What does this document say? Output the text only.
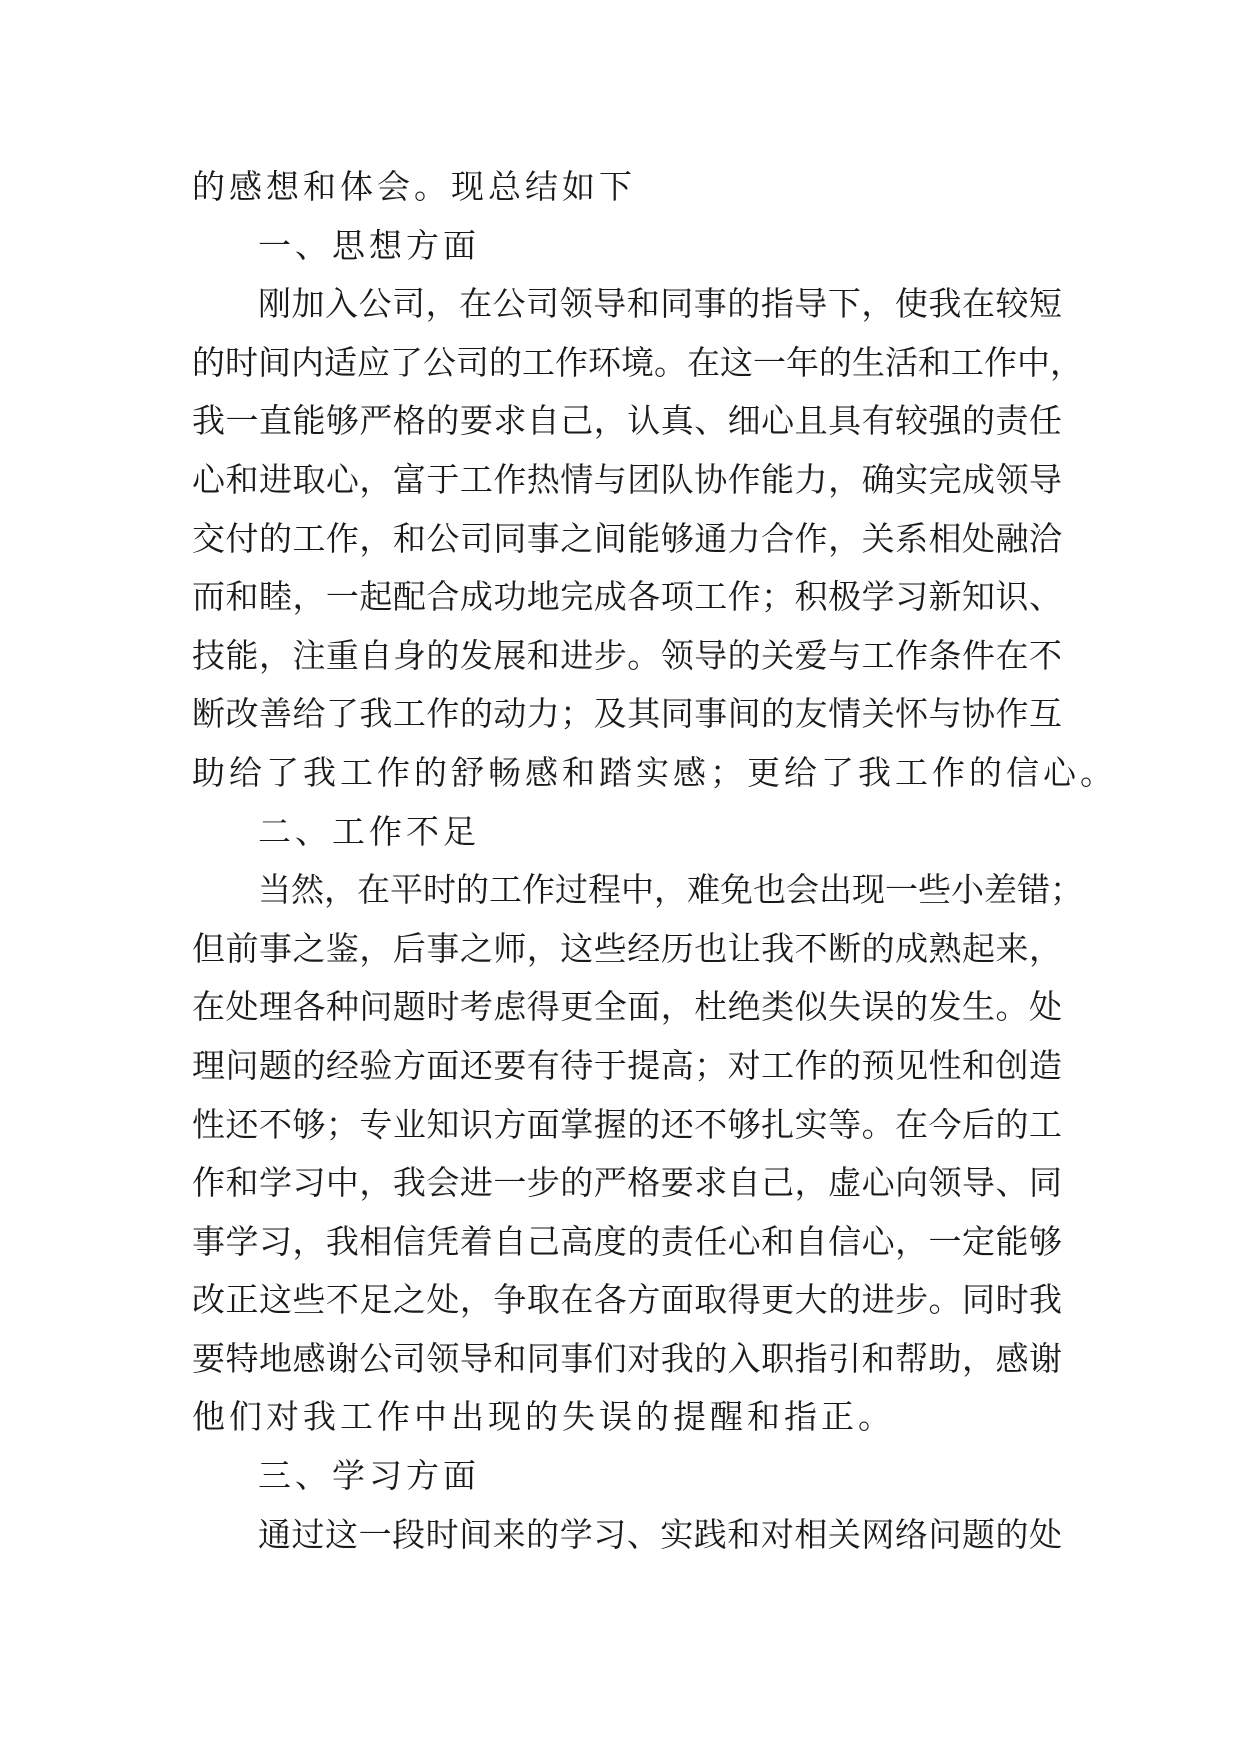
的感想和体会。现总结如下
一、思想方面
刚加入公司，在公司领导和同事的指导下，使我在较短
的时间内适应了公司的工作环境。在这一年的生活和工作中，
我一直能够严格的要求自己，认真、细心且具有较强的责任
心和进取心，富于工作热情与团队协作能力，确实完成领导
交付的工作，和公司同事之间能够通力合作，关系相处融洽
而和睦，一起配合成功地完成各项工作；积极学习新知识、
技能，注重自身的发展和进步。领导的关爱与工作条件在不
断改善给了我工作的动力；及其同事间的友情关怀与协作互
助给了我工作的舒畅感和踏实感；更给了我工作的信心。
二、工作不足
当然，在平时的工作过程中，难免也会出现一些小差错；
但前事之鉴，后事之师，这些经历也让我不断的成熟起来，
在处理各种问题时考虑得更全面，杜绝类似失误的发生。处
理问题的经验方面还要有待于提高；对工作的预见性和创造
性还不够；专业知识方面掌握的还不够扎实等。在今后的工
作和学习中，我会进一步的严格要求自己，虚心向领导、同
事学习，我相信凭着自己高度的责任心和自信心，一定能够
改正这些不足之处，争取在各方面取得更大的进步。同时我
要特地感谢公司领导和同事们对我的入职指引和帮助，感谢
他们对我工作中出现的失误的提醒和指正。
三、学习方面
通过这一段时间来的学习、实践和对相关网络问题的处
